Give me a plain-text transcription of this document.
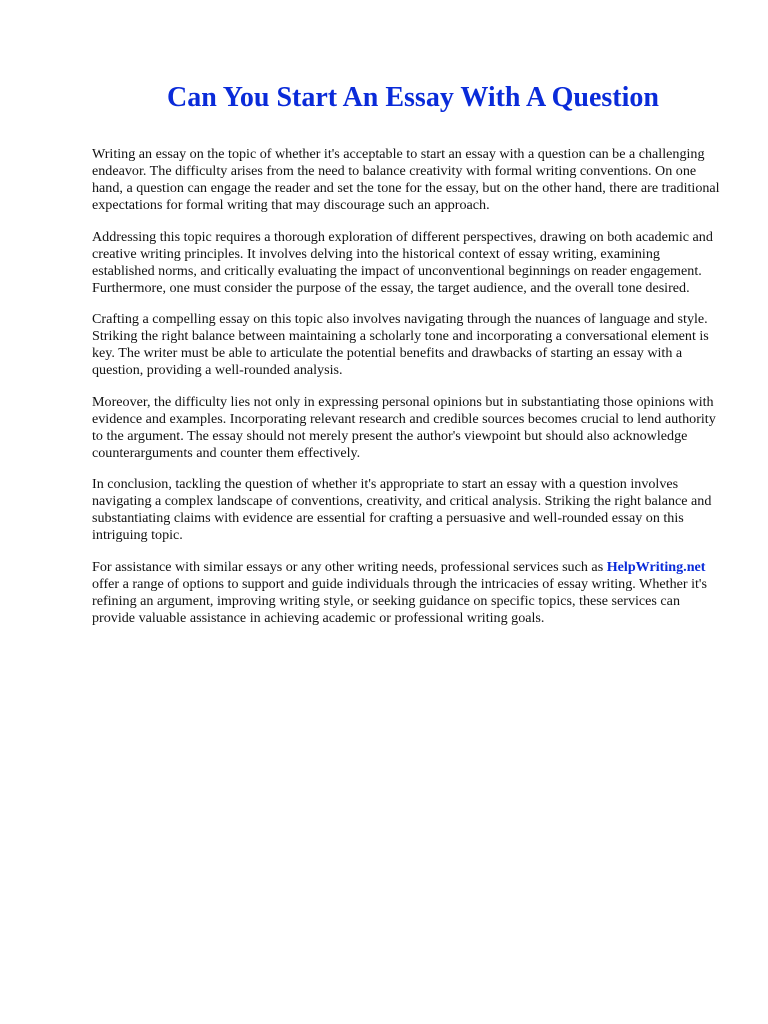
Can You Start An Essay With A Question

Writing an essay on the topic of whether it's acceptable to start an essay with a question can be a challenging endeavor. The difficulty arises from the need to balance creativity with formal writing conventions. On one hand, a question can engage the reader and set the tone for the essay, but on the other hand, there are traditional expectations for formal writing that may discourage such an approach.

Addressing this topic requires a thorough exploration of different perspectives, drawing on both academic and creative writing principles. It involves delving into the historical context of essay writing, examining established norms, and critically evaluating the impact of unconventional beginnings on reader engagement. Furthermore, one must consider the purpose of the essay, the target audience, and the overall tone desired.

Crafting a compelling essay on this topic also involves navigating through the nuances of language and style. Striking the right balance between maintaining a scholarly tone and incorporating a conversational element is key. The writer must be able to articulate the potential benefits and drawbacks of starting an essay with a question, providing a well-rounded analysis.

Moreover, the difficulty lies not only in expressing personal opinions but in substantiating those opinions with evidence and examples. Incorporating relevant research and credible sources becomes crucial to lend authority to the argument. The essay should not merely present the author's viewpoint but should also acknowledge counterarguments and counter them effectively.

In conclusion, tackling the question of whether it's appropriate to start an essay with a question involves navigating a complex landscape of conventions, creativity, and critical analysis. Striking the right balance and substantiating claims with evidence are essential for crafting a persuasive and well-rounded essay on this intriguing topic.

For assistance with similar essays or any other writing needs, professional services such as HelpWriting.net offer a range of options to support and guide individuals through the intricacies of essay writing. Whether it's refining an argument, improving writing style, or seeking guidance on specific topics, these services can provide valuable assistance in achieving academic or professional writing goals.
